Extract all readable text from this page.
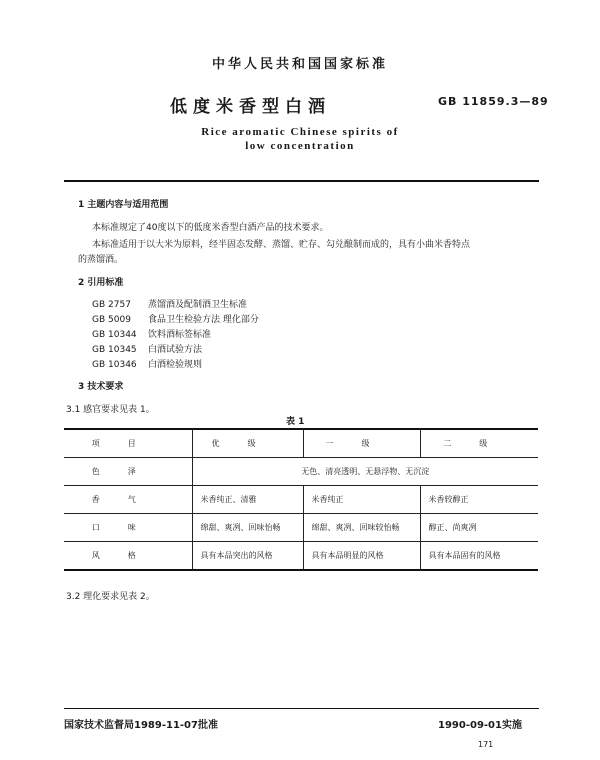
中华人民共和国国家标准
低度米香型白酒	GB 11859.3—89
Rice aromatic Chinese spirits of
low concentration
1 主题内容与适用范围
本标准规定了40度以下的低度米香型白酒产品的技术要求。
本标准适用于以大米为原料，经半固态发酵、蒸馏、贮存、勾兑酿制而成的，具有小曲米香特点
的蒸馏酒。
2 引用标准
GB 2757 蒸馏酒及配制酒卫生标准
GB 5009 食品卫生检验方法 理化部分
GB 10344 饮料酒标签标准
GB 10345 白酒试验方法
GB 10346 白酒检验规则
3 技术要求
3.1 感官要求见表 1。
表 1
项目	优级	一级	二级
色泽	无色、清亮透明、无悬浮物、无沉淀		
香气	米香纯正、清雅	米香纯正	米香较醇正
口味	绵甜、爽冽、回味怡畅	绵甜、爽冽、回味较怡畅	醇正、尚爽冽
风格	具有本品突出的风格	具有本品明显的风格	具有本品固有的风格
3.2 理化要求见表 2。
国家技术监督局1989-11-07批准	1990-09-01实施
171
